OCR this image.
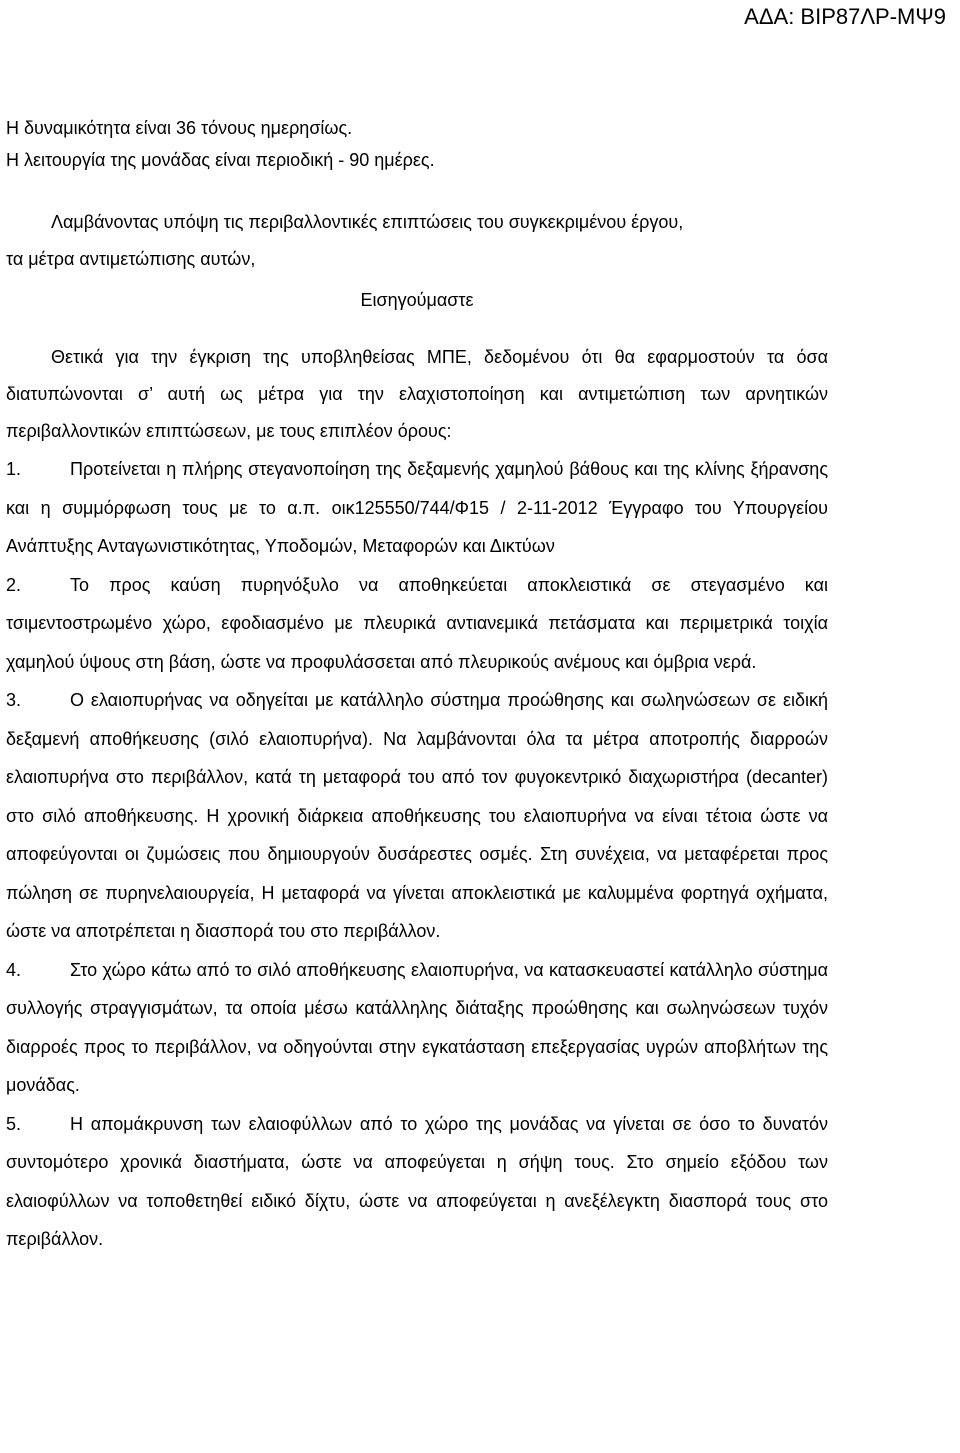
ΑΔΑ: ΒΙΡ87ΛΡ-ΜΨ9
Η δυναμικότητα είναι 36 τόνους ημερησίως.
Η λειτουργία της μονάδας είναι περιοδική - 90 ημέρες.
Λαμβάνοντας υπόψη τις περιβαλλοντικές επιπτώσεις του συγκεκριμένου έργου,
τα μέτρα αντιμετώπισης αυτών,
Εισηγούμαστε
Θετικά για την έγκριση της υποβληθείσας ΜΠΕ, δεδομένου ότι θα εφαρμοστούν τα όσα διατυπώνονται σ’ αυτή ως μέτρα για την ελαχιστοποίηση και αντιμετώπιση των αρνητικών περιβαλλοντικών επιπτώσεων, με τους επιπλέον όρους:
1.	Προτείνεται η πλήρης στεγανοποίηση της δεξαμενής χαμηλού βάθους και της κλίνης ξήρανσης και η συμμόρφωση τους με το α.π. οικ125550/744/Φ15 / 2-11-2012 Έγγραφο του Υπουργείου Ανάπτυξης Ανταγωνιστικότητας, Υποδομών, Μεταφορών και Δικτύων
2.	Το προς καύση πυρηνόξυλο να αποθηκεύεται αποκλειστικά σε στεγασμένο και τσιμεντοστρωμένο χώρο, εφοδιασμένο με πλευρικά αντιανεμικά πετάσματα και περιμετρικά τοιχία χαμηλού ύψους στη βάση, ώστε να προφυλάσσεται από πλευρικούς ανέμους και όμβρια νερά.
3.	Ο ελαιοπυρήνας να οδηγείται με κατάλληλο σύστημα προώθησης και σωληνώσεων σε ειδική δεξαμενή αποθήκευσης (σιλό ελαιοπυρήνα). Να λαμβάνονται όλα τα μέτρα αποτροπής διαρροών ελαιοπυρήνα στο περιβάλλον, κατά τη μεταφορά του από τον φυγοκεντρικό διαχωριστήρα (decanter) στο σιλό αποθήκευσης. Η χρονική διάρκεια αποθήκευσης του ελαιοπυρήνα να είναι τέτοια ώστε να αποφεύγονται οι ζυμώσεις που δημιουργούν δυσάρεστες οσμές. Στη συνέχεια, να μεταφέρεται προς πώληση σε πυρηνελαιουργεία, Η μεταφορά να γίνεται αποκλειστικά με καλυμμένα φορτηγά οχήματα, ώστε να αποτρέπεται η διασπορά του στο περιβάλλον.
4.	Στο χώρο κάτω από το σιλό αποθήκευσης ελαιοπυρήνα, να κατασκευαστεί κατάλληλο σύστημα συλλογής στραγγισμάτων, τα οποία μέσω κατάλληλης διάταξης προώθησης και σωληνώσεων τυχόν διαρροές προς το περιβάλλον, να οδηγούνται στην εγκατάσταση επεξεργασίας υγρών αποβλήτων της μονάδας.
5.	Η απομάκρυνση των ελαιοφύλλων από το χώρο της μονάδας να γίνεται σε όσο το δυνατόν συντομότερο χρονικά διαστήματα, ώστε να αποφεύγεται η σήψη τους. Στο σημείο εξόδου των ελαιοφύλλων να τοποθετηθεί ειδικό δίχτυ, ώστε να αποφεύγεται η ανεξέλεγκτη διασπορά τους στο περιβάλλον.
